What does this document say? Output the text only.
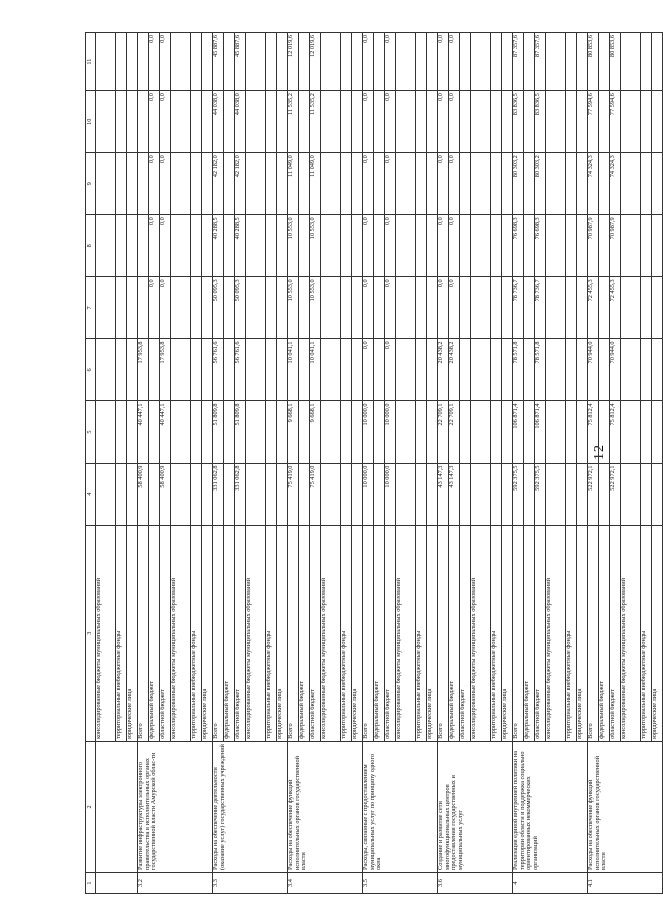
12
1	2	3	4	5	6	7	8	9	10	11
		консолидированные бюджеты муниципальных образований								
		территориальные внебюджетные фонды								
		юридические лица								
3.2	Развитие инфраструктуры электронного правительства в исполнительных органах государственной власти Амурской облас-ти	Всего	58 400,9	40 447,1	17 953,8					
		федеральный бюджет				0,0	0,0	0,0	0,0	0,0
		областной бюджет	58 400,9	40 447,1	17 953,8	0,0	0,0	0,0	0,0	0,0
		консолидированные бюджеты муниципальных образований								
		территориальные внебюджетные фонды								
		юридические лица								
3.3	Расходы на обеспечение деятельности (оказание услуг) государственных учреждений	Всего	331 062,8	51 809,8	56 761,6	50 095,3	40 288,5	42 182,0	44 038,0	45 887,6
		федеральный бюджет								
		областной бюджет	331 062,8	51 809,8	56 761,6	50 095,3	40 288,5	42 182,0	44 038,0	45 887,6
		консолидированные бюджеты муниципальных образований								
		территориальные внебюджетные фонды								
		юридические лица								
3.4	Расходы на обеспечение функций исполнительных органов государственной власти	Всего	75 419,0	9 668,1	10 041,1	10 553,0	10 553,0	11 049,0	11 535,2	12 019,6
		федеральный бюджет								
		областной бюджет	75 419,0	9 668,1	10 041,1	10 553,0	10 553,0	11 049,0	11 535,2	12 019,6
		консолидированные бюджеты муниципальных образований								
		территориальные внебюджетные фонды								
		юридические лица								
3.5	Расходы, связанные с предоставлением муниципальных услуг по принципу одного окна	Всего	10 000,0	10 000,0	0,0	0,0	0,0	0,0	0,0	0,0
		федеральный бюджет								
		областной бюджет	10 000,0	10 000,0	0,0	0,0	0,0	0,0	0,0	0,0
		консолидированные бюджеты муниципальных образований								
		территориальные внебюджетные фонды								
		юридические лица								
3.6	Создание и развитие сети многофункциональных центров предоставления государственных и муниципальных услуг	Всего	43 147,3	22 709,1	20 438,2	0,0	0,0	0,0	0,0	0,0
		федеральный бюджет	43 147,3	22 709,1	20 438,2	0,0	0,0	0,0	0,0	0,0
		областной бюджет								
		консолидированные бюджеты муниципальных образований								
		территориальные внебюджетные фонды								
		юридические лица								
4	Реализация единой внутренней политики на территории области и поддержка социально ориентированных некоммерческих организаций	Всего	592 375,5	106 871,4	78 571,8	78 736,7	76 698,3	80 303,2	83 836,5	87 357,6
		федеральный бюджет								
		областной бюджет	592 375,5	106 871,4	78 571,8	78 736,7	76 698,3	80 303,2	83 836,5	87 357,6
		консолидированные бюджеты муниципальных образований								
		территориальные внебюджетные фонды								
		юридические лица								
4.1	Расходы на обеспечение функций исполнительных органов государственной власти	Всего	522 972,1	75 812,4	70 944,0	72 455,3	70 987,9	74 324,3	77 594,6	80 853,6
		федеральный бюджет								
		областной бюджет	522 972,1	75 812,4	70 944,0	72 455,3	70 987,9	74 324,3	77 594,6	80 853,6
		консолидированные бюджеты муниципальных образований								
		территориальные внебюджетные фонды								
		юридические лица								
